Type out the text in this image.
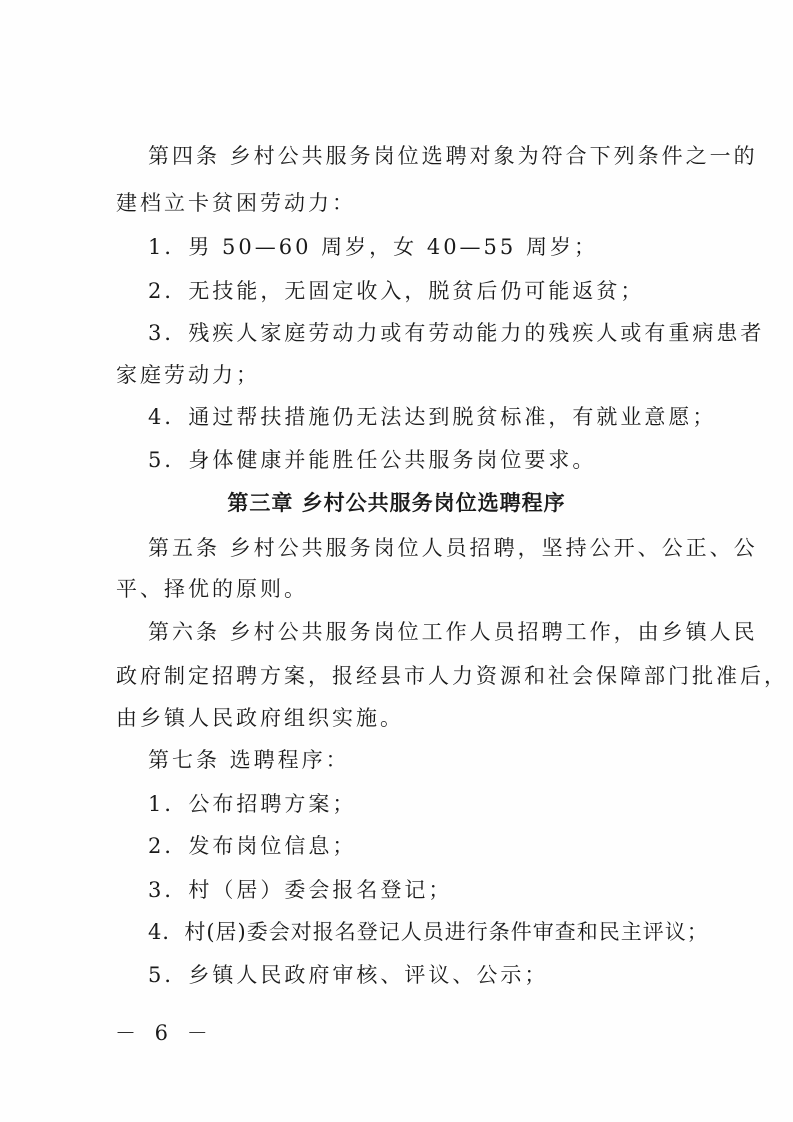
第四条 乡村公共服务岗位选聘对象为符合下列条件之一的
建档立卡贫困劳动力：
1．男 50—60 周岁，女 40—55 周岁；
2．无技能，无固定收入，脱贫后仍可能返贫；
3．残疾人家庭劳动力或有劳动能力的残疾人或有重病患者
家庭劳动力；
4．通过帮扶措施仍无法达到脱贫标准，有就业意愿；
5．身体健康并能胜任公共服务岗位要求。
第三章 乡村公共服务岗位选聘程序
第五条 乡村公共服务岗位人员招聘，坚持公开、公正、公
平、择优的原则。
第六条 乡村公共服务岗位工作人员招聘工作，由乡镇人民
政府制定招聘方案，报经县市人力资源和社会保障部门批准后，
由乡镇人民政府组织实施。
第七条 选聘程序：
1．公布招聘方案；
2．发布岗位信息；
3．村（居）委会报名登记；
4．村(居)委会对报名登记人员进行条件审查和民主评议；
5．乡镇人民政府审核、评议、公示；
－ 6 －
